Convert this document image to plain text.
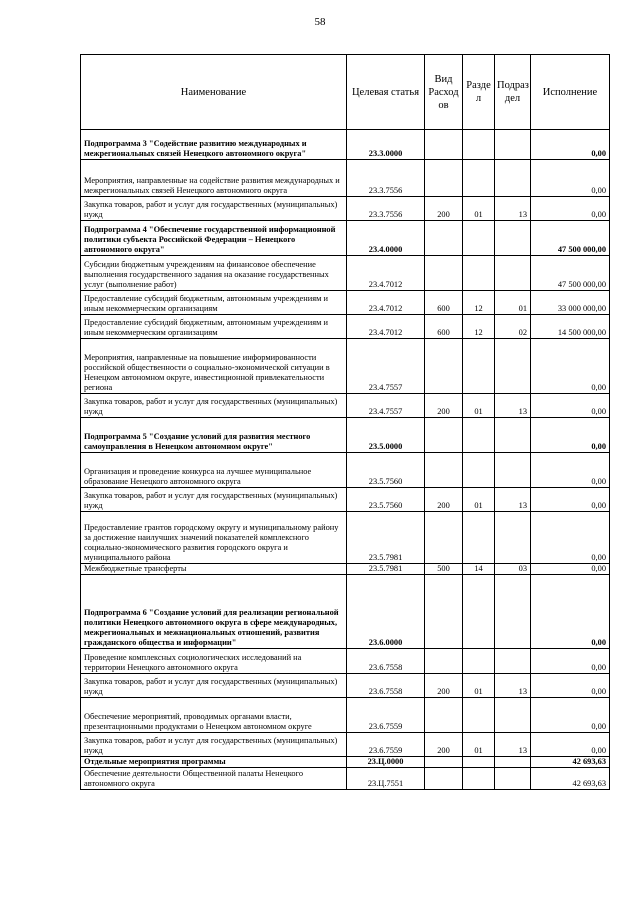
58
Наименование	Целевая статья	Вид Расход ов	Разде л	Подраз дел	Исполнение
Подпрограмма 3 "Содействие развитию международных и межрегиональных связей Ненецкого автономного округа"	23.3.0000				0,00
Мероприятия, направленные на содействие развития международных и межрегиональных связей Ненецкого автономного округа	23.3.7556				0,00
Закупка товаров, работ и услуг для государственных (муниципальных) нужд	23.3.7556	200	01	13	0,00
Подпрограмма 4 "Обеспечение государственной информационной политики субъекта Российской Федерации – Ненецкого автономного округа"	23.4.0000				47 500 000,00
Субсидии бюджетным учреждениям на финансовое обеспечение выполнения государственного задания на оказание государственных услуг (выполнение работ)	23.4.7012				47 500 000,00
Предоставление субсидий бюджетным, автономным учреждениям и иным некоммерческим организациям	23.4.7012	600	12	01	33 000 000,00
Предоставление субсидий бюджетным, автономным учреждениям и иным некоммерческим организациям	23.4.7012	600	12	02	14 500 000,00
Мероприятия, направленные на повышение информированности российской общественности о социально-экономической ситуации в Ненецком автономном округе, инвестиционной привлекательности региона	23.4.7557				0,00
Закупка товаров, работ и услуг для государственных (муниципальных) нужд	23.4.7557	200	01	13	0,00
Подпрограмма 5 "Создание условий для развития местного самоуправления в Ненецком автономном округе"	23.5.0000				0,00
Организация и проведение конкурса на лучшее муниципальное образование Ненецкого автономного округа	23.5.7560				0,00
Закупка товаров, работ и услуг для государственных (муниципальных) нужд	23.5.7560	200	01	13	0,00
Предоставление грантов городскому округу и муниципальному району за достижение наилучших значений показателей комплексного социально-экономического развития городского округа и муниципального района	23.5.7981				0,00
Межбюджетные трансферты	23.5.7981	500	14	03	0,00
Подпрограмма 6 "Создание условий для реализации региональной политики Ненецкого автономного округа в сфере международных, межрегиональных и межнациональных отношений, развития гражданского общества и информации"	23.6.0000				0,00
Проведение комплексных социологических исследований на территории Ненецкого автономного округа	23.6.7558				0,00
Закупка товаров, работ и услуг для государственных (муниципальных) нужд	23.6.7558	200	01	13	0,00
Обеспечение мероприятий, проводимых органами власти, презентационными продуктами о Ненецком автономном округе	23.6.7559				0,00
Закупка товаров, работ и услуг для государственных (муниципальных) нужд	23.6.7559	200	01	13	0,00
Отдельные мероприятия программы	23.Ц.0000				42 693,63
Обеспечение деятельности Общественной палаты Ненецкого автономного округа	23.Ц.7551				42 693,63
